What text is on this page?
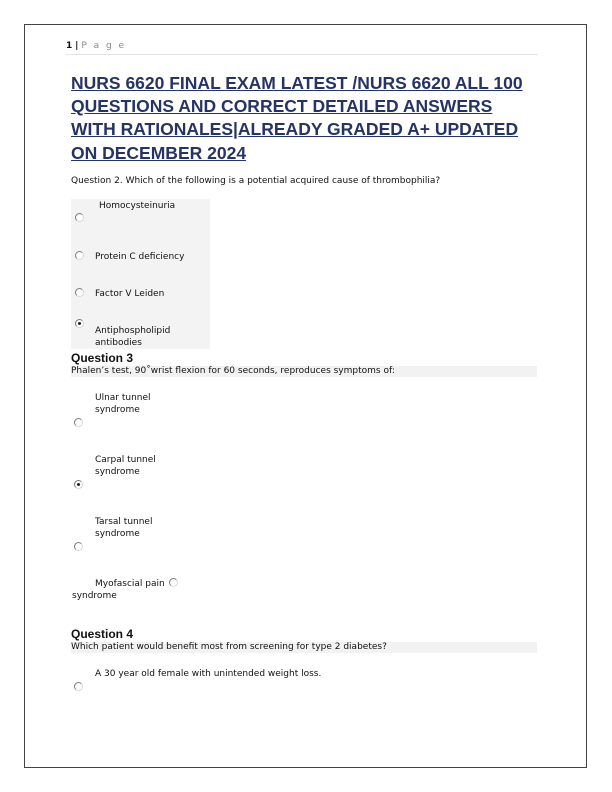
1 | P a g e
NURS 6620 FINAL EXAM LATEST /NURS 6620 ALL 100 QUESTIONS AND CORRECT DETAILED ANSWERS WITH RATIONALES|ALREADY GRADED A+ UPDATED ON DECEMBER 2024
Question 2. Which of the following is a potential acquired cause of thrombophilia?
Homocysteinuria
Protein C deficiency
Factor V Leiden
Antiphospholipid antibodies
Question 3
Phalen’s test, 90˚wrist flexion for 60 seconds, reproduces symptoms of:
Ulnar tunnel syndrome
Carpal tunnel syndrome
Tarsal tunnel syndrome
Myofascial pain syndrome
Question 4
Which patient would benefit most from screening for type 2 diabetes?
A 30 year old female with unintended weight loss.
